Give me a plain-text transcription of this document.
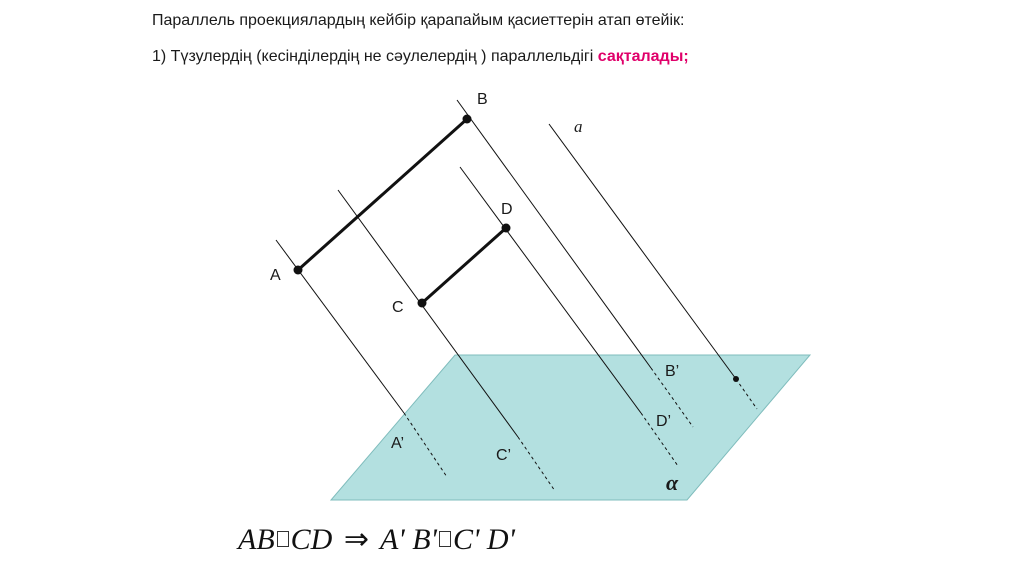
Параллель проекциялардың кейбір қарапайым қасиеттерін атап өтейік:
1) Түзулердің (кесінділердің не сәулелердің ) параллельдігі сақталады;
A
B
C
D
A’
B’
C’
D’
a
α
AB CD ⇒ A' B' C' D'
